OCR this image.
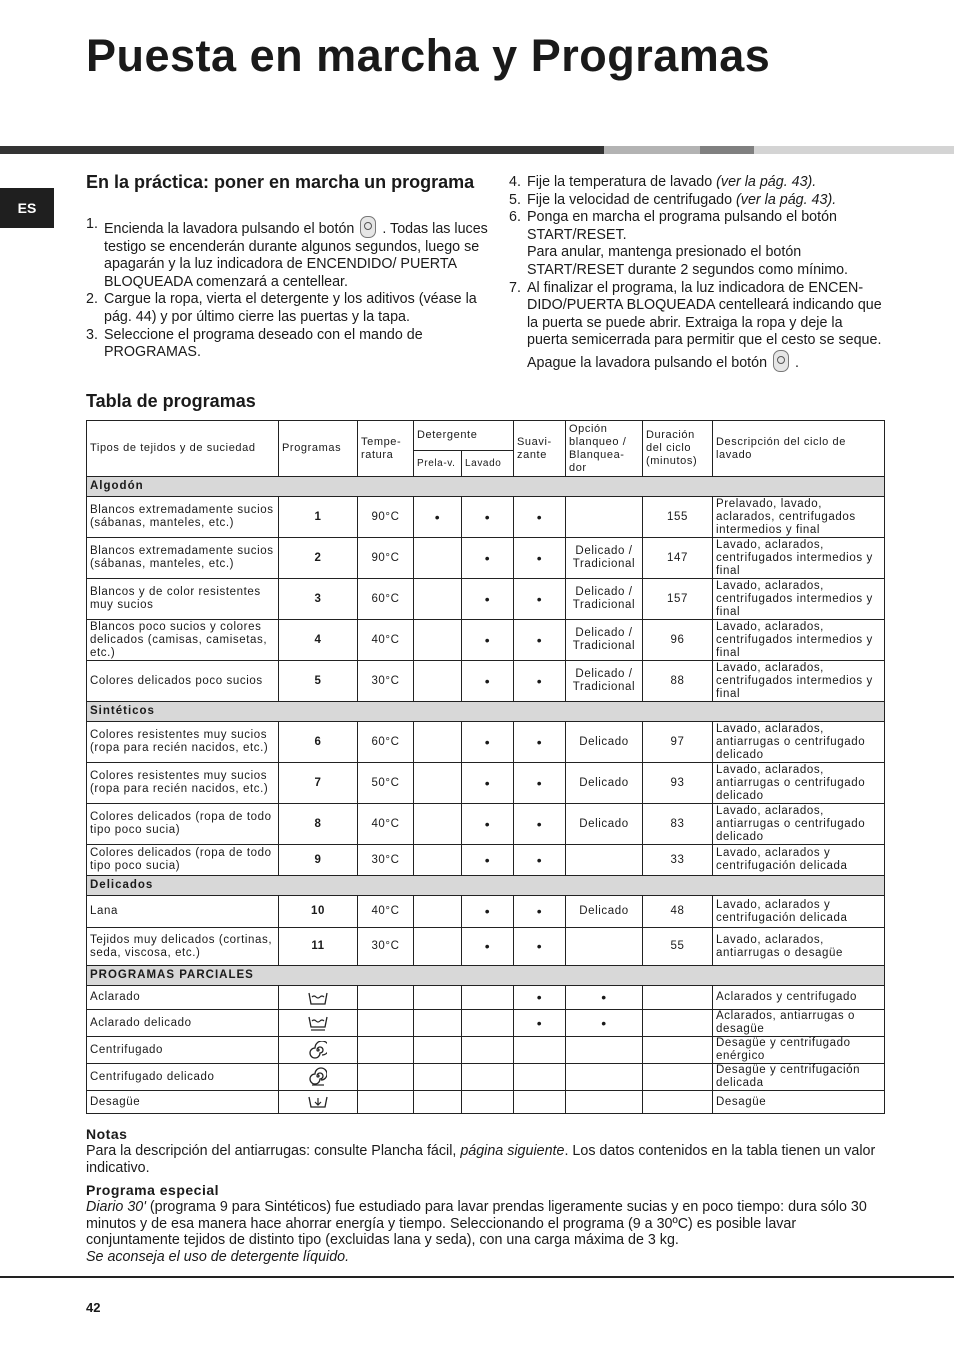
Puesta en marcha y Programas
ES
En la práctica: poner en marcha un programa
1. Encienda la lavadora pulsando el botón . Todas las luces testigo se encenderán durante algunos segundos, luego se apagarán y la luz indicadora de ENCENDIDO/ PUERTA BLOQUEADA comenzará a centellear.
2. Cargue la ropa, vierta el detergente y los aditivos (véase la pág. 44) y por último cierre las puertas y la tapa.
3. Seleccione el programa deseado con el mando de PROGRAMAS.
4. Fije la temperatura de lavado (ver la pág. 43).
5. Fije la velocidad de centrifugado (ver la pág. 43).
6. Ponga en marcha el programa pulsando el botón START/RESET.
Para anular, mantenga presionado el botón START/RESET durante 2 segundos como mínimo.
7. Al finalizar el programa, la luz indicadora de ENCEN-DIDO/PUERTA BLOQUEADA centelleará indicando que la puerta se puede abrir. Extraiga la ropa y deje la puerta semicerrada para permitir que el cesto se seque. Apague la lavadora pulsando el botón .
Tabla de programas
Tipos de tejidos y de suciedad	Programas	Tempe-ratura	Detergente		Suavi-zante	Opción blanqueo / Blanquea-dor	Duración del ciclo (minutos)	Descripción del ciclo de lavado
			Prela-v.	Lavado				
Algodón								
Blancos extremadamente sucios (sábanas, manteles, etc.)	1	90°C	•	•	•		155	Prelavado, lavado, aclarados, centrifugados intermedios y final
Blancos extremadamente sucios (sábanas, manteles, etc.)	2	90°C		•	•	Delicado / Tradicional	147	Lavado, aclarados, centrifugados intermedios y final
Blancos y de color resistentes muy sucios	3	60°C		•	•	Delicado / Tradicional	157	Lavado, aclarados, centrifugados intermedios y final
Blancos poco sucios y colores delicados (camisas, camisetas, etc.)	4	40°C		•	•	Delicado / Tradicional	96	Lavado, aclarados, centrifugados intermedios y final
Colores delicados poco sucios	5	30°C		•	•	Delicado / Tradicional	88	Lavado, aclarados, centrifugados intermedios y final
Sintéticos								
Colores resistentes muy sucios (ropa para recién nacidos, etc.)	6	60°C		•	•	Delicado	97	Lavado, aclarados, antiarrugas o centrifugado delicado
Colores resistentes muy sucios (ropa para recién nacidos, etc.)	7	50°C		•	•	Delicado	93	Lavado, aclarados, antiarrugas o centrifugado delicado
Colores delicados (ropa de todo tipo poco sucia)	8	40°C		•	•	Delicado	83	Lavado, aclarados, antiarrugas o centrifugado delicado
Colores delicados (ropa de todo tipo poco sucia)	9	30°C		•	•		33	Lavado, aclarados y centrifugación delicada
Delicados								
Lana	10	40°C		•	•	Delicado	48	Lavado, aclarados y centrifugación delicada
Tejidos muy delicados (cortinas, seda, viscosa, etc.)	11	30°C		•	•		55	Lavado, aclarados, antiarrugas o desagüe
PROGRAMAS PARCIALES								
Aclarado					•	•		Aclarados y centrifugado
Aclarado delicado					•	•		Aclarados, antiarrugas o desagüe
Centrifugado								Desagüe y centrifugado enérgico
Centrifugado delicado								Desagüe y centrifugación delicada
Desagüe								Desagüe
Notas

Para la descripción del antiarrugas: consulte Plancha fácil, página siguiente. Los datos contenidos en la tabla tienen un valor indicativo.

Programa especial

Diario 30' (programa 9 para Sintéticos) fue estudiado para lavar prendas ligeramente sucias y en poco tiempo: dura sólo 30 minutos y de esa manera hace ahorrar energía y tiempo. Seleccionando el programa (9 a 30ºC) es posible lavar conjuntamente tejidos de distinto tipo (excluidas lana y seda), con una carga máxima de 3 kg.
Se aconseja el uso de detergente líquido.

42
